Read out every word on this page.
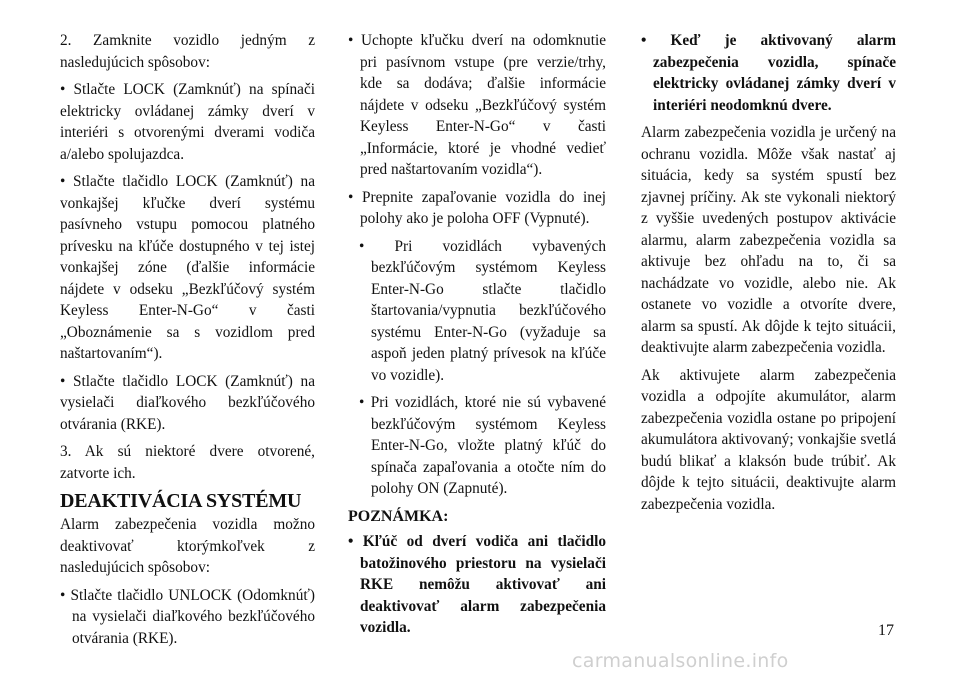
2. Zamknite vozidlo jedným z nasledujúcich spôsobov:

• Stlačte LOCK (Zamknúť) na spínači elektricky ovládanej zámky dverí v interiéri s otvorenými dverami vodiča a/alebo spolujazdca.

• Stlačte tlačidlo LOCK (Zamknúť) na vonkajšej kľučke dverí systému pasívneho vstupu pomocou platného prívesku na kľúče dostupného v tej istej vonkajšej zóne (ďalšie informácie nájdete v odseku „Bezkľúčový systém Keyless Enter-N-Go“ v časti „Oboznámenie sa s vozidlom pred naštartovaním“).

• Stlačte tlačidlo LOCK (Zamknúť) na vysielači diaľkového bezkľúčového otvárania (RKE).

3. Ak sú niektoré dvere otvorené, zatvorte ich.

DEAKTIVÁCIA SYSTÉMU

Alarm zabezpečenia vozidla možno deaktivovať ktorýmkoľvek z nasledujúcich spôsobov:

• Stlačte tlačidlo UNLOCK (Odomknúť) na vysielači diaľkového bezkľúčového otvárania (RKE).

• Uchopte kľučku dverí na odomknutie pri pasívnom vstupe (pre verzie/trhy, kde sa dodáva; ďalšie informácie nájdete v odseku „Bezkľúčový systém Keyless Enter-N-Go“ v časti „Informácie, ktoré je vhodné vedieť pred naštartovaním vozidla“).

• Prepnite zapaľovanie vozidla do inej polohy ako je poloha OFF (Vypnuté).

• Pri vozidlách vybavených bezkľúčovým systémom Keyless Enter-N-Go stlačte tlačidlo štartovania/vypnutia bezkľúčového systému Enter-N-Go (vyžaduje sa aspoň jeden platný prívesok na kľúče vo vozidle).

• Pri vozidlách, ktoré nie sú vybavené bezkľúčovým systémom Keyless Enter-N-Go, vložte platný kľúč do spínača zapaľovania a otočte ním do polohy ON (Zapnuté).

POZNÁMKA:

• Kľúč od dverí vodiča ani tlačidlo batožinového priestoru na vysielači RKE nemôžu aktivovať ani deaktivovať alarm zabezpečenia vozidla.

• Keď je aktivovaný alarm zabezpečenia vozidla, spínače elektricky ovládanej zámky dverí v interiéri neodomknú dvere.

Alarm zabezpečenia vozidla je určený na ochranu vozidla. Môže však nastať aj situácia, kedy sa systém spustí bez zjavnej príčiny. Ak ste vykonali niektorý z vyššie uvedených postupov aktivácie alarmu, alarm zabezpečenia vozidla sa aktivuje bez ohľadu na to, či sa nachádzate vo vozidle, alebo nie. Ak ostanete vo vozidle a otvoríte dvere, alarm sa spustí. Ak dôjde k tejto situácii, deaktivujte alarm zabezpečenia vozidla.

Ak aktivujete alarm zabezpečenia vozidla a odpojíte akumulátor, alarm zabezpečenia vozidla ostane po pripojení akumulátora aktivovaný; vonkajšie svetlá budú blikať a klaksón bude trúbiť. Ak dôjde k tejto situácii, deaktivujte alarm zabezpečenia vozidla.

17
carmanualsonline.info
